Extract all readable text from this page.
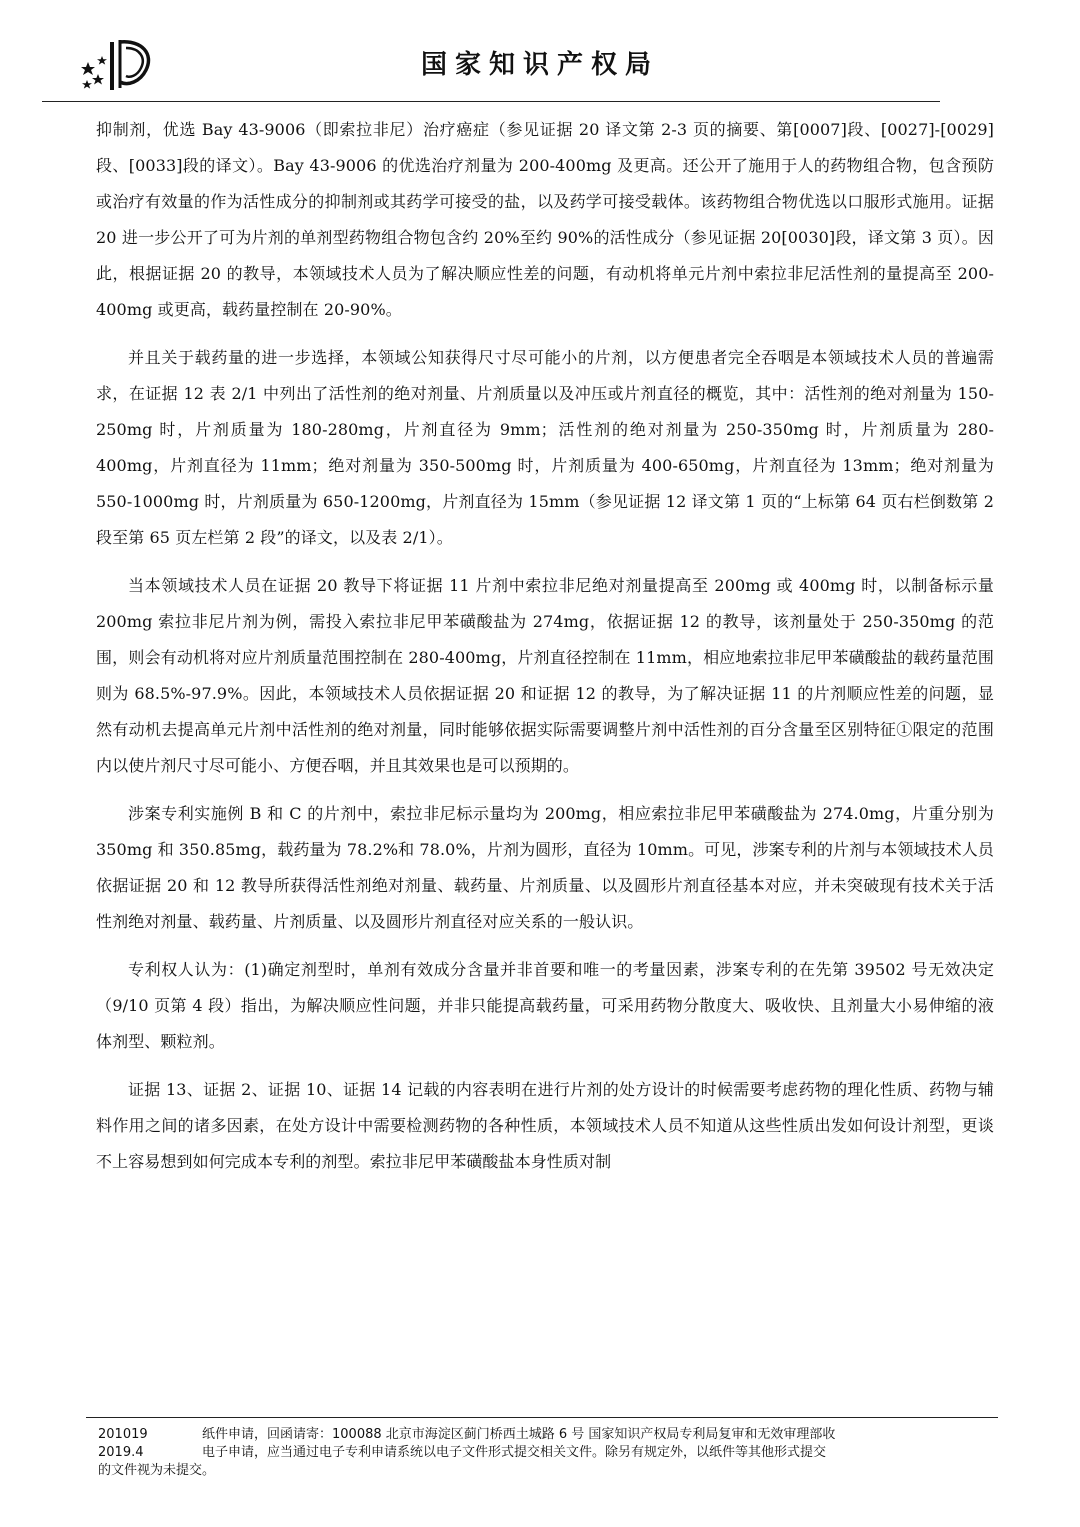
国家知识产权局

抑制剂，优选 Bay 43-9006（即索拉非尼）治疗癌症（参见证据 20 译文第 2-3 页的摘要、第[0007]段、[0027]-[0029]段、[0033]段的译文）。Bay 43-9006 的优选治疗剂量为 200-400mg 及更高。还公开了施用于人的药物组合物，包含预防或治疗有效量的作为活性成分的抑制剂或其药学可接受的盐，以及药学可接受载体。该药物组合物优选以口服形式施用。证据 20 进一步公开了可为片剂的单剂型药物组合物包含约 20%至约 90%的活性成分（参见证据 20[0030]段，译文第 3 页）。因此，根据证据 20 的教导，本领域技术人员为了解决顺应性差的问题，有动机将单元片剂中索拉非尼活性剂的量提高至 200-400mg 或更高，载药量控制在 20-90%。

并且关于载药量的进一步选择，本领域公知获得尺寸尽可能小的片剂，以方便患者完全吞咽是本领域技术人员的普遍需求，在证据 12 表 2/1 中列出了活性剂的绝对剂量、片剂质量以及冲压或片剂直径的概览，其中：活性剂的绝对剂量为 150-250mg 时，片剂质量为 180-280mg，片剂直径为 9mm；活性剂的绝对剂量为 250-350mg 时，片剂质量为 280-400mg，片剂直径为 11mm；绝对剂量为 350-500mg 时，片剂质量为 400-650mg，片剂直径为 13mm；绝对剂量为 550-1000mg 时，片剂质量为 650-1200mg，片剂直径为 15mm（参见证据 12 译文第 1 页的“上标第 64 页右栏倒数第 2 段至第 65 页左栏第 2 段”的译文，以及表 2/1）。

当本领域技术人员在证据 20 教导下将证据 11 片剂中索拉非尼绝对剂量提高至 200mg 或 400mg 时，以制备标示量 200mg 索拉非尼片剂为例，需投入索拉非尼甲苯磺酸盐为 274mg，依据证据 12 的教导，该剂量处于 250-350mg 的范围，则会有动机将对应片剂质量范围控制在 280-400mg，片剂直径控制在 11mm，相应地索拉非尼甲苯磺酸盐的载药量范围则为 68.5%-97.9%。因此，本领域技术人员依据证据 20 和证据 12 的教导，为了解决证据 11 的片剂顺应性差的问题，显然有动机去提高单元片剂中活性剂的绝对剂量，同时能够依据实际需要调整片剂中活性剂的百分含量至区别特征①限定的范围内以使片剂尺寸尽可能小、方便吞咽，并且其效果也是可以预期的。

涉案专利实施例 B 和 C 的片剂中，索拉非尼标示量均为 200mg，相应索拉非尼甲苯磺酸盐为 274.0mg，片重分别为 350mg 和 350.85mg，载药量为 78.2%和 78.0%，片剂为圆形，直径为 10mm。可见，涉案专利的片剂与本领域技术人员依据证据 20 和 12 教导所获得活性剂绝对剂量、载药量、片剂质量、以及圆形片剂直径基本对应，并未突破现有技术关于活性剂绝对剂量、载药量、片剂质量、以及圆形片剂直径对应关系的一般认识。

专利权人认为：(1)确定剂型时，单剂有效成分含量并非首要和唯一的考量因素，涉案专利的在先第 39502 号无效决定（9/10 页第 4 段）指出，为解决顺应性问题，并非只能提高载药量，可采用药物分散度大、吸收快、且剂量大小易伸缩的液体剂型、颗粒剂。

证据 13、证据 2、证据 10、证据 14 记载的内容表明在进行片剂的处方设计的时候需要考虑药物的理化性质、药物与辅料作用之间的诸多因素，在处方设计中需要检测药物的各种性质，本领域技术人员不知道从这些性质出发如何设计剂型，更谈不上容易想到如何完成本专利的剂型。索拉非尼甲苯磺酸盐本身性质对制

201019	纸件申请，回函请寄：100088 北京市海淀区蓟门桥西土城路 6 号 国家知识产权局专利局复审和无效审理部收
2019.4	电子申请，应当通过电子专利申请系统以电子文件形式提交相关文件。除另有规定外，以纸件等其他形式提交
的文件视为未提交。
